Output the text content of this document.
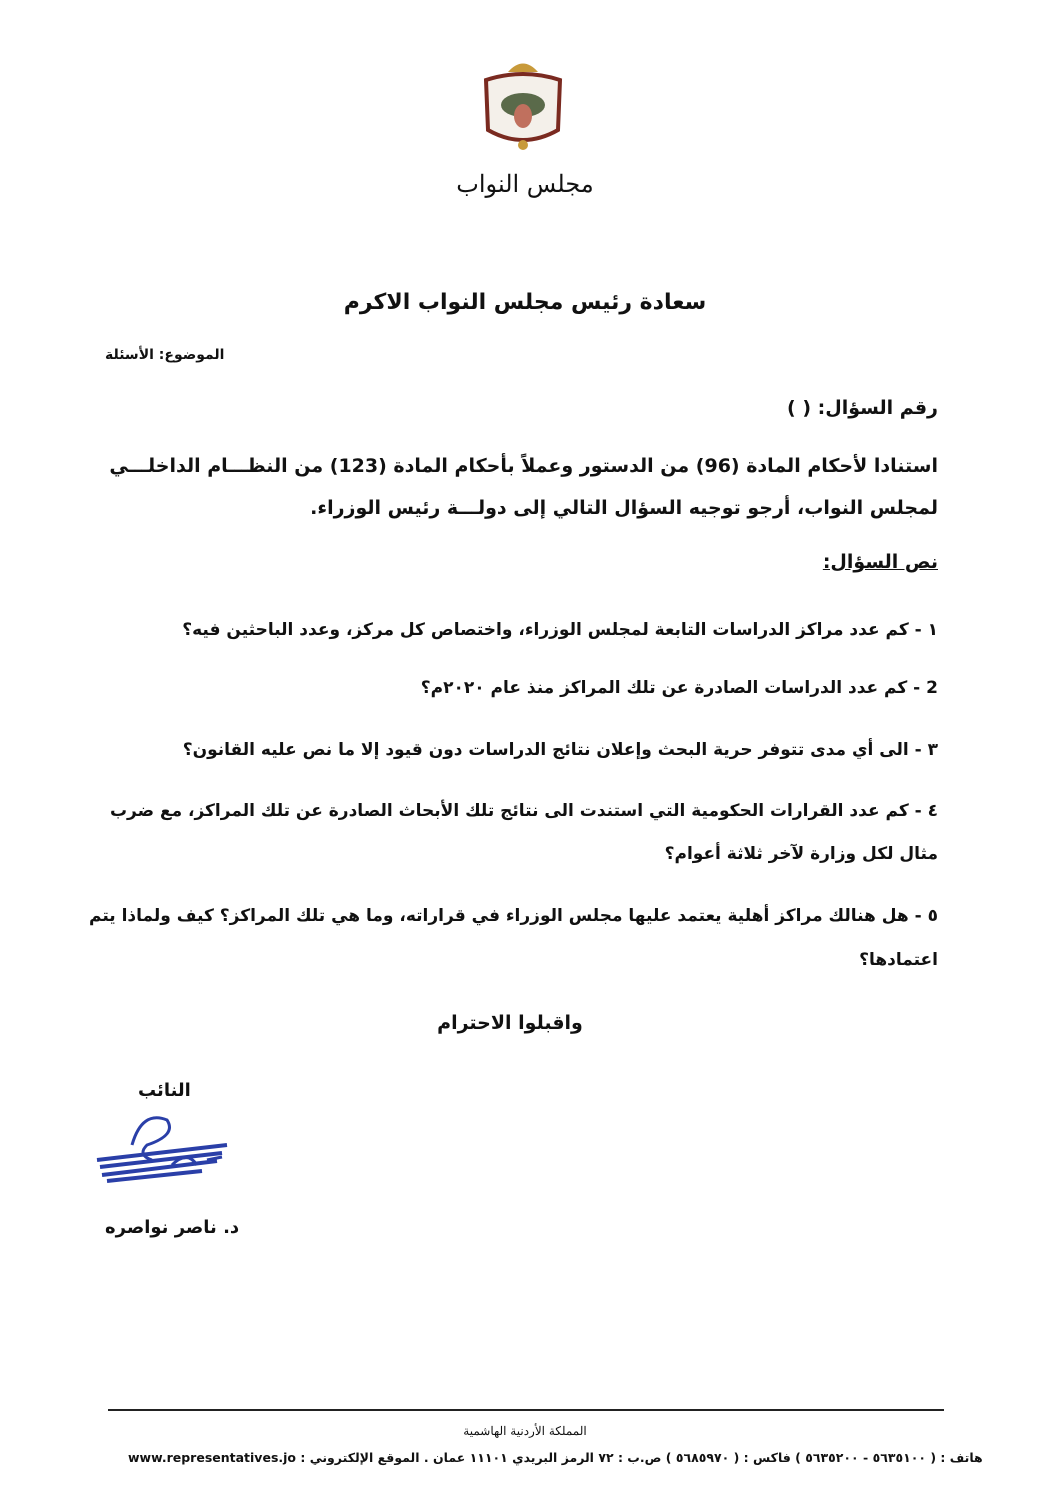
مجلس النواب
سعادة رئيس مجلس النواب الاكرم
الموضوع: الأسئلة
رقم السؤال: ( )
استنادا لأحكام المادة (96) من الدستور وعملاً بأحكام المادة (123) من النظـــام الداخلـــي
لمجلس النواب، أرجو توجيه السؤال التالي إلى دولـــة رئيس الوزراء.
نص السؤال:
١ - كم عدد مراكز الدراسات التابعة لمجلس الوزراء، واختصاص كل مركز، وعدد الباحثين فيه؟
2 - كم عدد الدراسات الصادرة عن تلك المراكز منذ عام ٢٠٢٠م؟
٣ - الى أي مدى تتوفر حرية البحث وإعلان نتائج الدراسات دون قيود إلا ما نص عليه القانون؟
٤ - كم عدد القرارات الحكومية التي استندت الى نتائج تلك الأبحاث الصادرة عن تلك المراكز، مع ضرب
مثال لكل وزارة لآخر ثلاثة أعوام؟
٥ - هل هنالك مراكز أهلية يعتمد عليها مجلس الوزراء في قراراته، وما هي تلك المراكز؟ كيف ولماذا يتم
اعتمادها؟
واقبلوا الاحترام
النائب
د. ناصر نواصره
المملكة الأردنية الهاشمية
هاتف : ( ٥٦٣٥١٠٠ - ٥٦٣٥٢٠٠ ) فاكس : ( ٥٦٨٥٩٧٠ ) ص.ب : ٧٢ الرمز البريدي ١١١٠١ عمان . الموقع الإلكتروني : www.representatives.jo
